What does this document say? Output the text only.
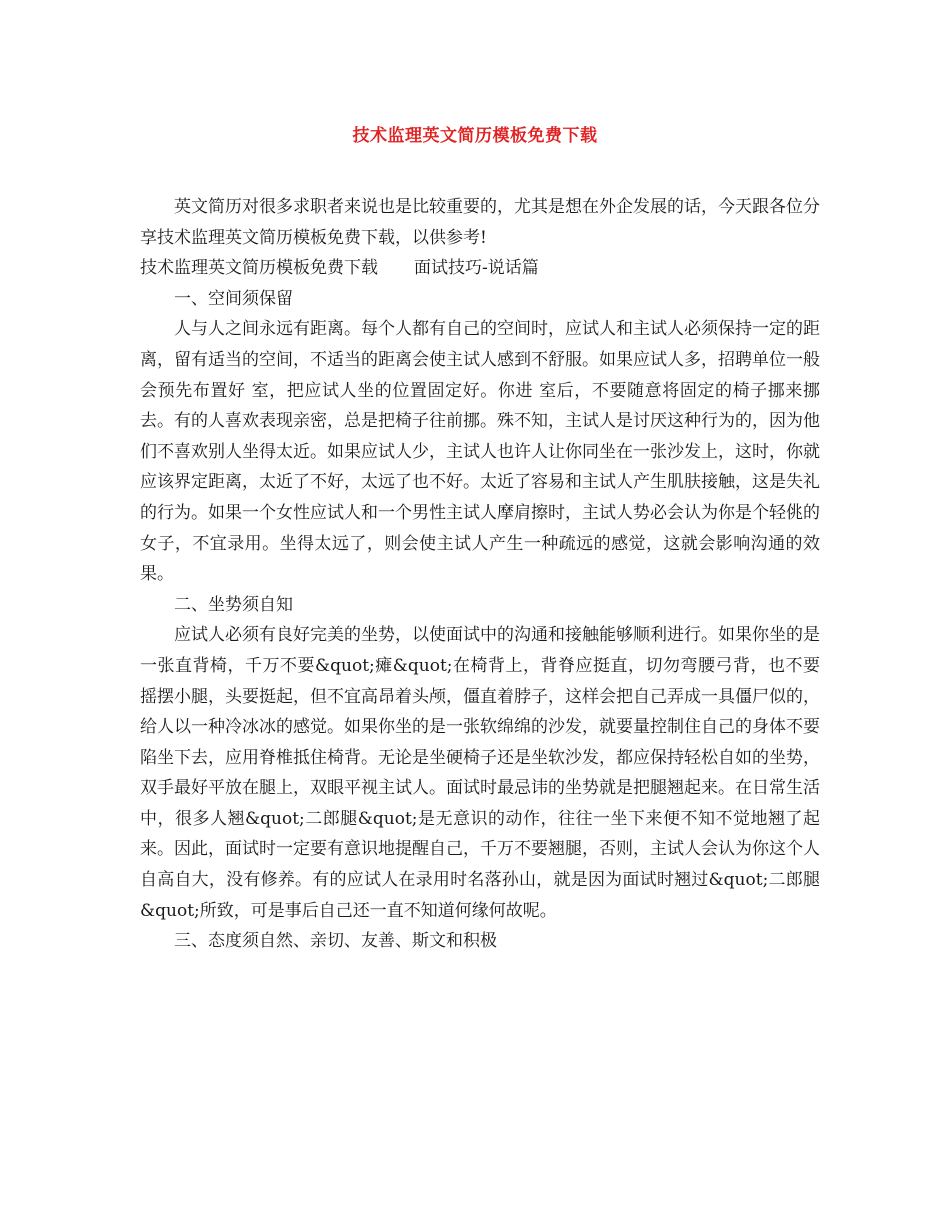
技术监理英文简历模板免费下载

英文简历对很多求职者来说也是比较重要的，尤其是想在外企发展的话，今天跟各位分享技术监理英文简历模板免费下载，以供参考!

技术监理英文简历模板免费下载 面试技巧-说话篇

一、空间须保留

人与人之间永远有距离。每个人都有自己的空间时，应试人和主试人必须保持一定的距离，留有适当的空间，不适当的距离会使主试人感到不舒服。如果应试人多，招聘单位一般会预先布置好 室，把应试人坐的位置固定好。你进 室后，不要随意将固定的椅子挪来挪去。有的人喜欢表现亲密，总是把椅子往前挪。殊不知，主试人是讨厌这种行为的，因为他们不喜欢别人坐得太近。如果应试人少，主试人也许人让你同坐在一张沙发上，这时，你就应该界定距离，太近了不好，太远了也不好。太近了容易和主试人产生肌肤接触，这是失礼的行为。如果一个女性应试人和一个男性主试人摩肩擦时，主试人势必会认为你是个轻佻的女子，不宜录用。坐得太远了，则会使主试人产生一种疏远的感觉，这就会影响沟通的效果。

二、坐势须自知

应试人必须有良好完美的坐势，以使面试中的沟通和接触能够顺利进行。如果你坐的是一张直背椅，千万不要&quot;瘫&quot;在椅背上，背脊应挺直，切勿弯腰弓背，也不要摇摆小腿，头要挺起，但不宜高昂着头颅，僵直着脖子，这样会把自己弄成一具僵尸似的，给人以一种冷冰冰的感觉。如果你坐的是一张软绵绵的沙发，就要量控制住自己的身体不要陷坐下去，应用脊椎抵住椅背。无论是坐硬椅子还是坐软沙发，都应保持轻松自如的坐势，双手最好平放在腿上，双眼平视主试人。面试时最忌讳的坐势就是把腿翘起来。在日常生活中，很多人翘&quot;二郎腿&quot;是无意识的动作，往往一坐下来便不知不觉地翘了起来。因此，面试时一定要有意识地提醒自己，千万不要翘腿，否则，主试人会认为你这个人自高自大，没有修养。有的应试人在录用时名落孙山，就是因为面试时翘过&quot;二郎腿&quot;所致，可是事后自己还一直不知道何缘何故呢。

三、态度须自然、亲切、友善、斯文和积极
